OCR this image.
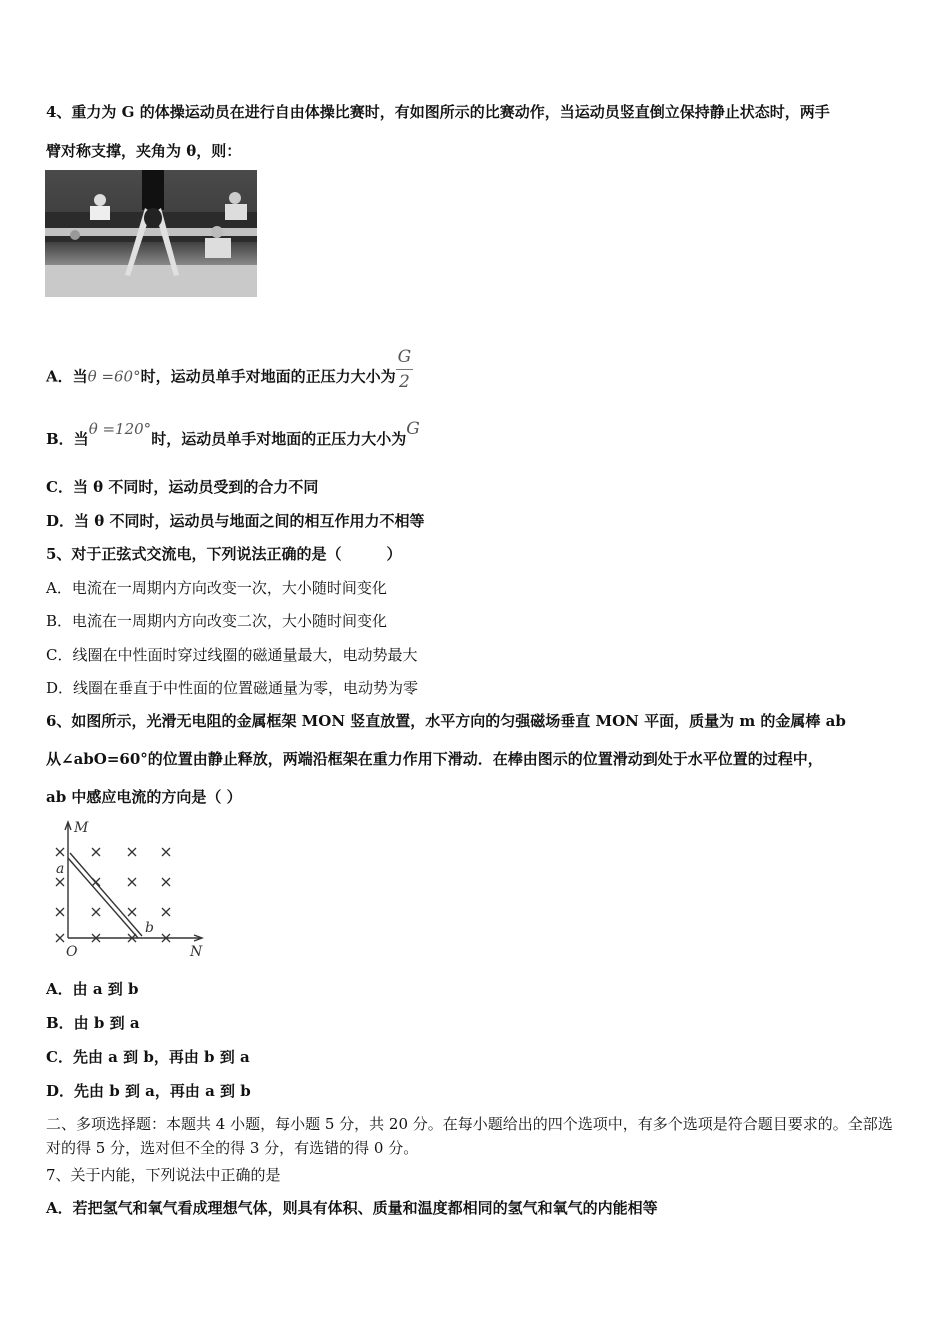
4、重力为 G 的体操运动员在进行自由体操比赛时，有如图所示的比赛动作，当运动员竖直倒立保持静止状态时，两手
臂对称支撑，夹角为 θ，则：
A．当θ =60°时，运动员单手对地面的正压力大小为 $\frac{G}{2}$
B．当θ =120°时，运动员单手对地面的正压力大小为G
C．当 θ 不同时，运动员受到的合力不同
D．当 θ 不同时，运动员与地面之间的相互作用力不相等
5、对于正弦式交流电，下列说法正确的是（　　　）
A．电流在一周期内方向改变一次，大小随时间变化
B．电流在一周期内方向改变二次，大小随时间变化
C．线圈在中性面时穿过线圈的磁通量最大，电动势最大
D．线圈在垂直于中性面的位置磁通量为零，电动势为零
6、如图所示，光滑无电阻的金属框架 MON 竖直放置，水平方向的匀强磁场垂直 MON 平面，质量为 m 的金属棒 ab
从∠abO=60°的位置由静止释放，两端沿框架在重力作用下滑动．在棒由图示的位置滑动到处于水平位置的过程中，
ab 中感应电流的方向是（ ）
M
N
O
a
b
A．由 a 到 b
B．由 b 到 a
C．先由 a 到 b，再由 b 到 a
D．先由 b 到 a，再由 a 到 b
二、多项选择题：本题共 4 小题，每小题 5 分，共 20 分。在每小题给出的四个选项中，有多个选项是符合题目要求的。全部选对的得 5 分，选对但不全的得 3 分，有选错的得 0 分。
7、关于内能，下列说法中正确的是
A．若把氢气和氧气看成理想气体，则具有体积、质量和温度都相同的氢气和氧气的内能相等
